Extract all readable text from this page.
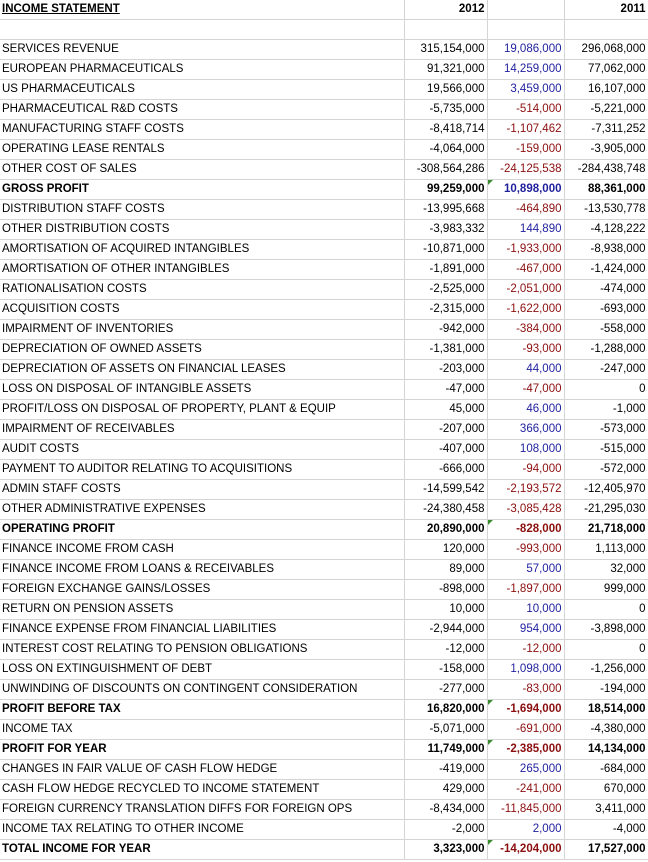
INCOME STATEMENT	2012		2011

SERVICES REVENUE	315,154,000	19,086,000	296,068,000
EUROPEAN PHARMACEUTICALS	91,321,000	14,259,000	77,062,000
US PHARMACEUTICALS	19,566,000	3,459,000	16,107,000
PHARMACEUTICAL R&D COSTS	-5,735,000	-514,000	-5,221,000
MANUFACTURING STAFF COSTS	-8,418,714	-1,107,462	-7,311,252
OPERATING LEASE RENTALS	-4,064,000	-159,000	-3,905,000
OTHER COST OF SALES	-308,564,286	-24,125,538	-284,438,748
GROSS PROFIT	99,259,000	10,898,000	88,361,000
DISTRIBUTION STAFF COSTS	-13,995,668	-464,890	-13,530,778
OTHER DISTRIBUTION COSTS	-3,983,332	144,890	-4,128,222
AMORTISATION OF ACQUIRED INTANGIBLES	-10,871,000	-1,933,000	-8,938,000
AMORTISATION OF OTHER INTANGIBLES	-1,891,000	-467,000	-1,424,000
RATIONALISATION COSTS	-2,525,000	-2,051,000	-474,000
ACQUISITION COSTS	-2,315,000	-1,622,000	-693,000
IMPAIRMENT OF INVENTORIES	-942,000	-384,000	-558,000
DEPRECIATION OF OWNED ASSETS	-1,381,000	-93,000	-1,288,000
DEPRECIATION OF ASSETS ON FINANCIAL LEASES	-203,000	44,000	-247,000
LOSS ON DISPOSAL OF INTANGIBLE ASSETS	-47,000	-47,000	0
PROFIT/LOSS ON DISPOSAL OF PROPERTY, PLANT & EQUIP	45,000	46,000	-1,000
IMPAIRMENT OF RECEIVABLES	-207,000	366,000	-573,000
AUDIT COSTS	-407,000	108,000	-515,000
PAYMENT TO AUDITOR RELATING TO ACQUISITIONS	-666,000	-94,000	-572,000
ADMIN STAFF COSTS	-14,599,542	-2,193,572	-12,405,970
OTHER ADMINISTRATIVE EXPENSES	-24,380,458	-3,085,428	-21,295,030
OPERATING PROFIT	20,890,000	-828,000	21,718,000
FINANCE INCOME FROM CASH	120,000	-993,000	1,113,000
FINANCE INCOME FROM LOANS & RECEIVABLES	89,000	57,000	32,000
FOREIGN EXCHANGE GAINS/LOSSES	-898,000	-1,897,000	999,000
RETURN ON PENSION ASSETS	10,000	10,000	0
FINANCE EXPENSE FROM FINANCIAL LIABILITIES	-2,944,000	954,000	-3,898,000
INTEREST COST RELATING TO PENSION OBLIGATIONS	-12,000	-12,000	0
LOSS ON EXTINGUISHMENT OF DEBT	-158,000	1,098,000	-1,256,000
UNWINDING OF DISCOUNTS ON CONTINGENT CONSIDERATION	-277,000	-83,000	-194,000
PROFIT BEFORE TAX	16,820,000	-1,694,000	18,514,000
INCOME TAX	-5,071,000	-691,000	-4,380,000
PROFIT FOR YEAR	11,749,000	-2,385,000	14,134,000
CHANGES IN FAIR VALUE OF CASH FLOW HEDGE	-419,000	265,000	-684,000
CASH FLOW HEDGE RECYCLED TO INCOME STATEMENT	429,000	-241,000	670,000
FOREIGN CURRENCY TRANSLATION DIFFS FOR FOREIGN OPS	-8,434,000	-11,845,000	3,411,000
INCOME TAX RELATING TO OTHER INCOME	-2,000	2,000	-4,000
TOTAL INCOME FOR YEAR	3,323,000	-14,204,000	17,527,000
